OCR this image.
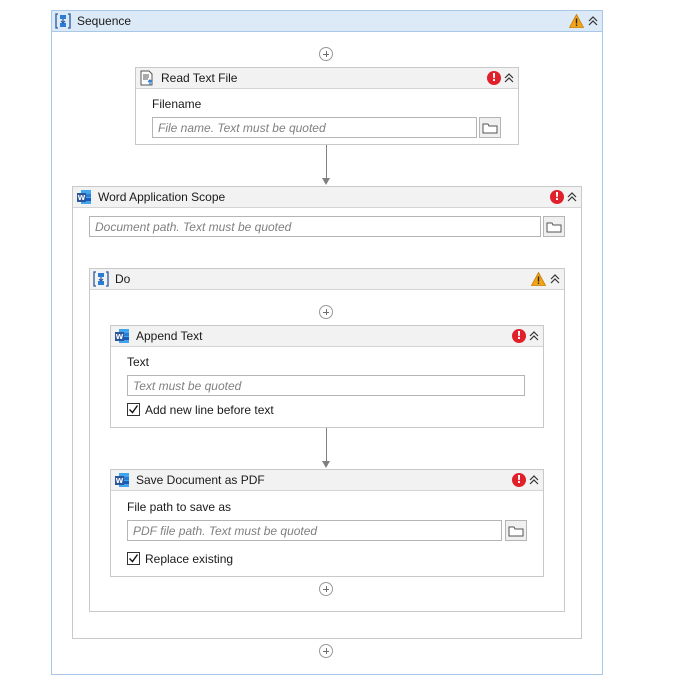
Sequence
Read Text File	!
Filename
File name. Text must be quoted
W Word Application Scope	!
Document path. Text must be quoted
Do
W Append Text	!
Text
Text must be quoted
Add new line before text
W Save Document as PDF	!
File path to save as
PDF file path. Text must be quoted
Replace existing
